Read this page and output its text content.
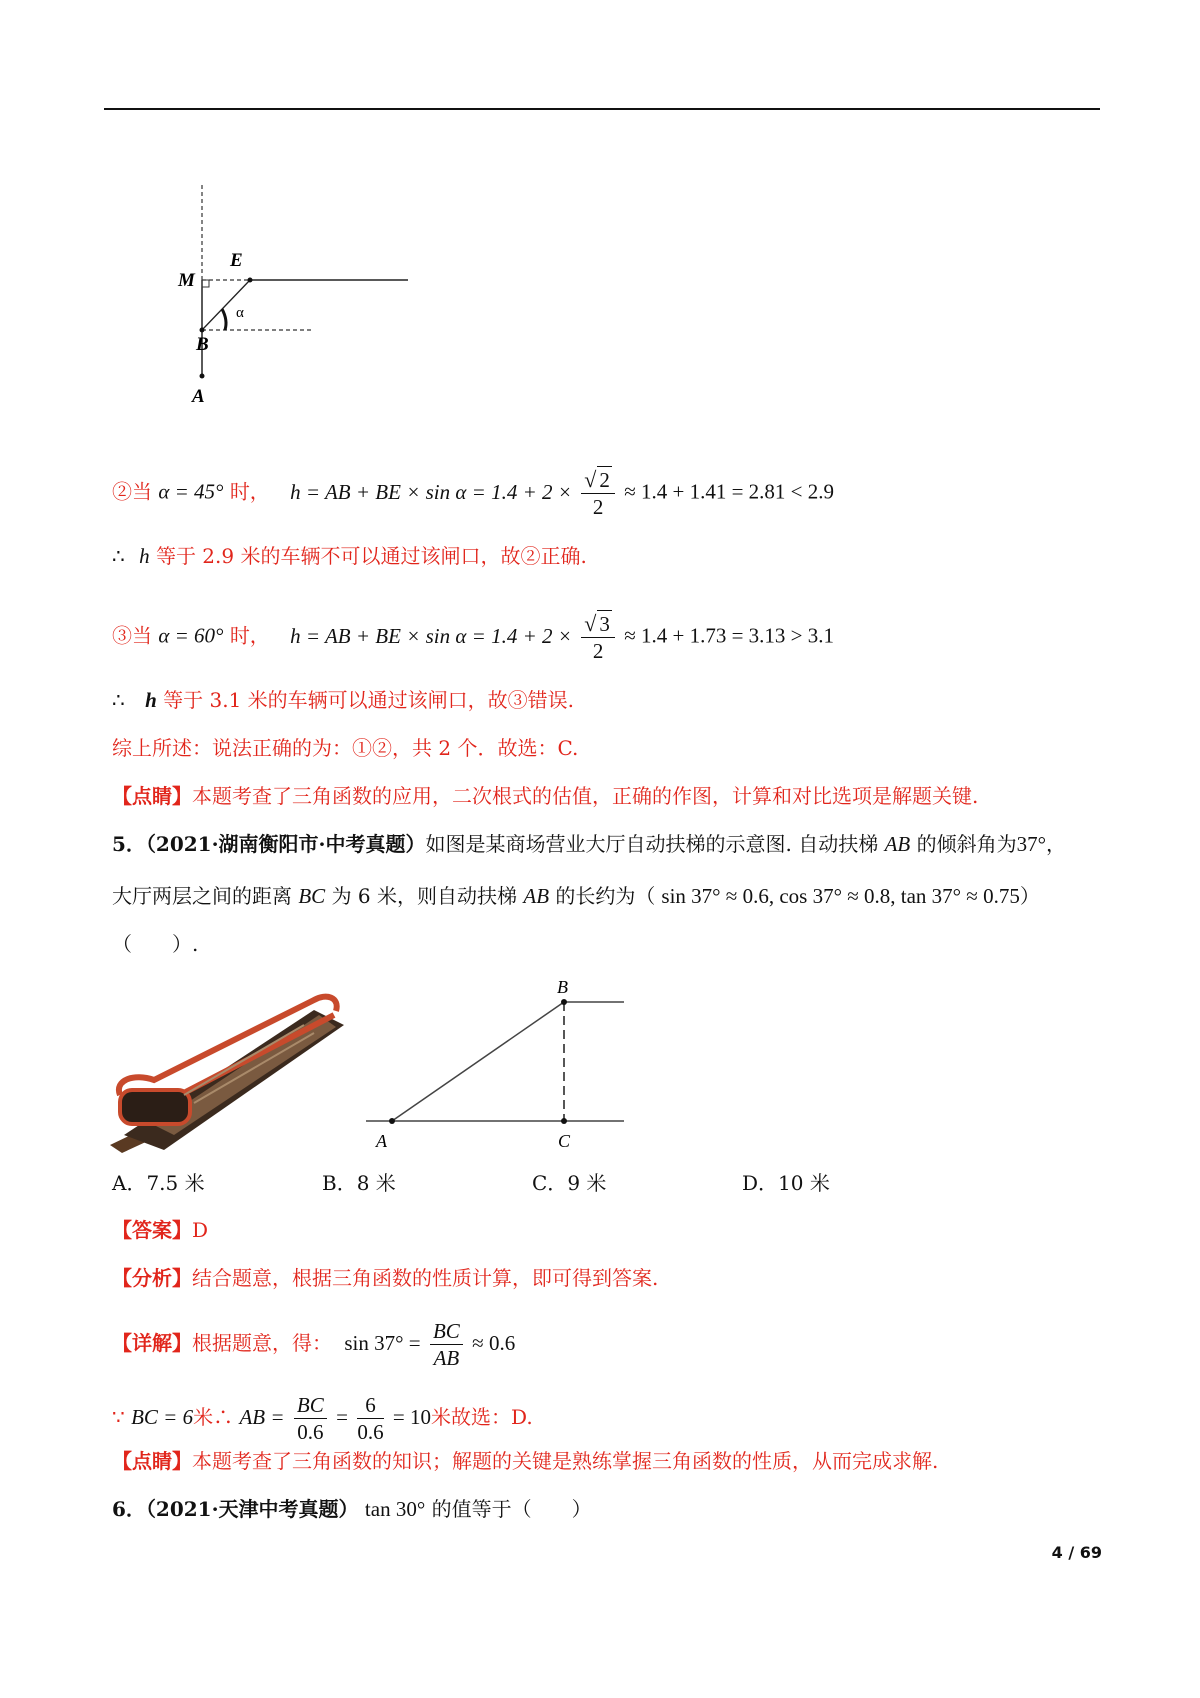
M
E
B
A
α
②当 α = 45° 时， h = AB + BE × $\sin \alpha = 1.4 + 2 \times \frac{√ 2}{2} \approx 1.4 + 1.41 = 2.81 < 2.9$
∴ h 等于 2.9 米的车辆不可以通过该闸口，故②正确.
③当 α = 60° 时， h = AB + BE × $\sin \alpha = 1.4 + 2 \times \frac{√ 3}{2} \approx 1.4 + 1.73 = 3.13 > 3.1$
∴ h 等于 3.1 米的车辆可以通过该闸口，故③错误.
综上所述：说法正确的为：①②，共 2 个．故选：C.
【点睛】本题考查了三角函数的应用，二次根式的估值，正确的作图，计算和对比选项是解题关键.
5．（2021·湖南衡阳市·中考真题）如图是某商场营业大厅自动扶梯的示意图. 自动扶梯 AB 的倾斜角为37°，
大厅两层之间的距离 BC 为 6 米，则自动扶梯 AB 的长约为（ sin 37° ≈ 0.6, cos 37° ≈ 0.8, tan 37° ≈ 0.75）
（　　）.
B
A	C
A．7.5 米	B．8 米	C．9 米	D．10 米
【答案】D
【分析】结合题意，根据三角函数的性质计算，即可得到答案.
【详解】根据题意，得： $\sin 37^\circ = \frac{BC}{AB} \approx 0.6$
∵ BC = 6米∴ AB = $\frac{BC}{0.6} = \frac{6}{0.6} = 10$米故选：D.
【点睛】本题考查了三角函数的知识；解题的关键是熟练掌握三角函数的性质，从而完成求解.
6．（2021·天津中考真题） tan 30° 的值等于（　　）
4 / 69
